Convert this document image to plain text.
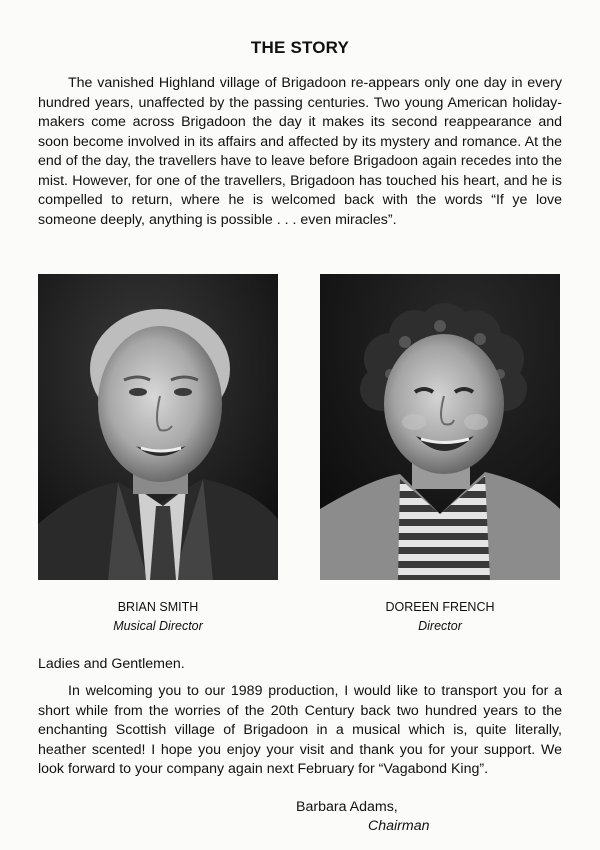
THE STORY

The vanished Highland village of Brigadoon re-appears only one day in every hundred years, unaffected by the passing centuries. Two young American holiday-makers come across Brigadoon the day it makes its second reappearance and soon become involved in its affairs and affected by its mystery and romance. At the end of the day, the travellers have to leave before Brigadoon again recedes into the mist. However, for one of the travellers, Brigadoon has touched his heart, and he is compelled to return, where he is welcomed back with the words “If ye love someone deeply, anything is possible . . . even miracles”.

BRIAN SMITH
Musical Director
DOREEN FRENCH
Director

Ladies and Gentlemen.

In welcoming you to our 1989 production, I would like to transport you for a short while from the worries of the 20th Century back two hundred years to the enchanting Scottish village of Brigadoon in a musical which is, quite literally, heather scented! I hope you enjoy your visit and thank you for your support. We look forward to your company again next February for “Vagabond King”.

Barbara Adams,
Chairman
